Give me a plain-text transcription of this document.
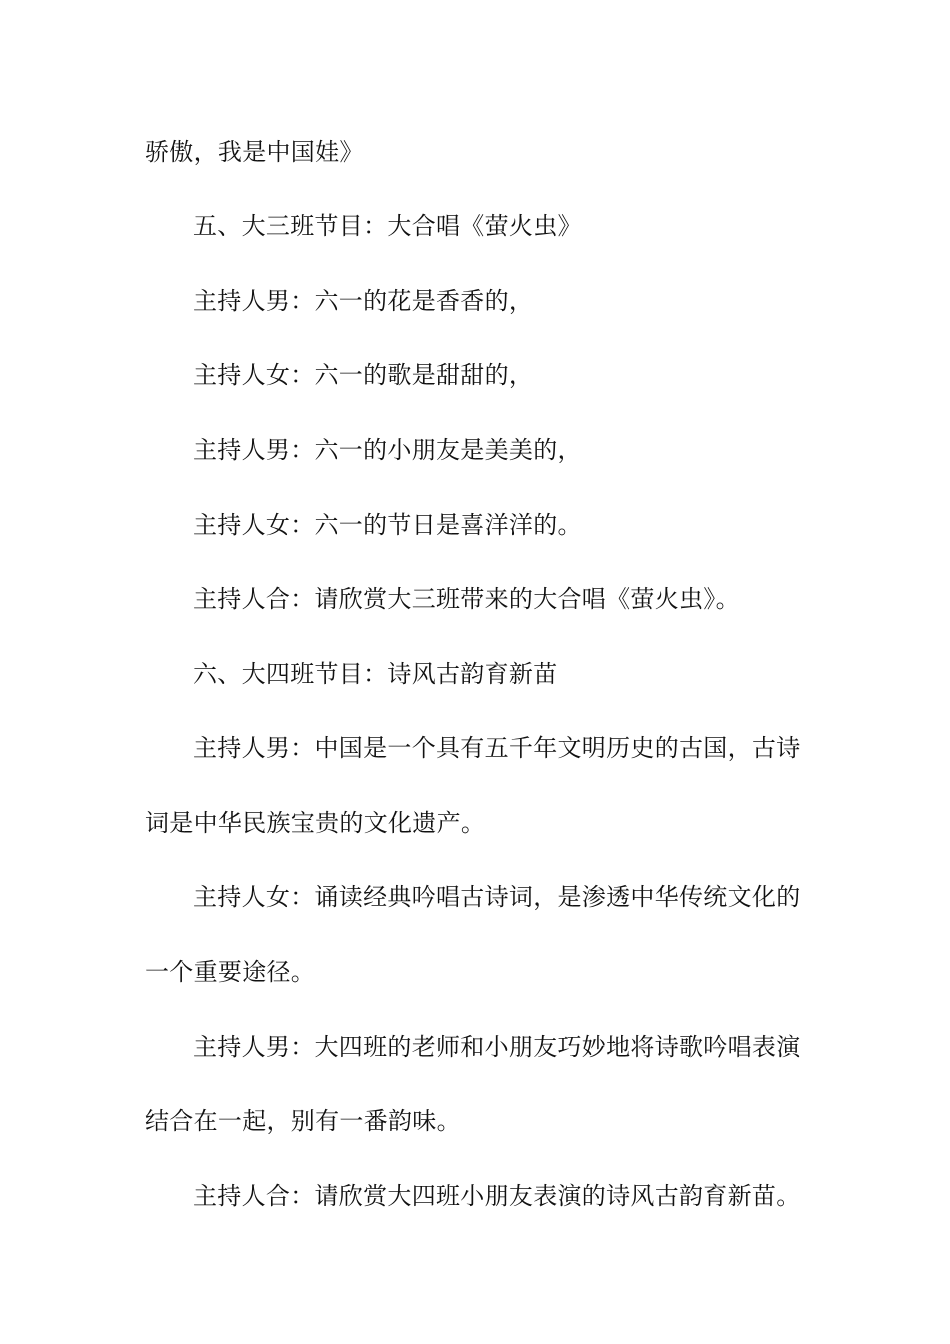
骄傲，我是中国娃》
五、大三班节目：大合唱《萤火虫》
主持人男：六一的花是香香的，
主持人女：六一的歌是甜甜的，
主持人男：六一的小朋友是美美的，
主持人女：六一的节日是喜洋洋的。
主持人合：请欣赏大三班带来的大合唱《萤火虫》。
六、大四班节目：诗风古韵育新苗
主持人男：中国是一个具有五千年文明历史的古国，古诗
词是中华民族宝贵的文化遗产。
主持人女：诵读经典吟唱古诗词，是渗透中华传统文化的
一个重要途径。
主持人男：大四班的老师和小朋友巧妙地将诗歌吟唱表演
结合在一起，别有一番韵味。
主持人合：请欣赏大四班小朋友表演的诗风古韵育新苗。
